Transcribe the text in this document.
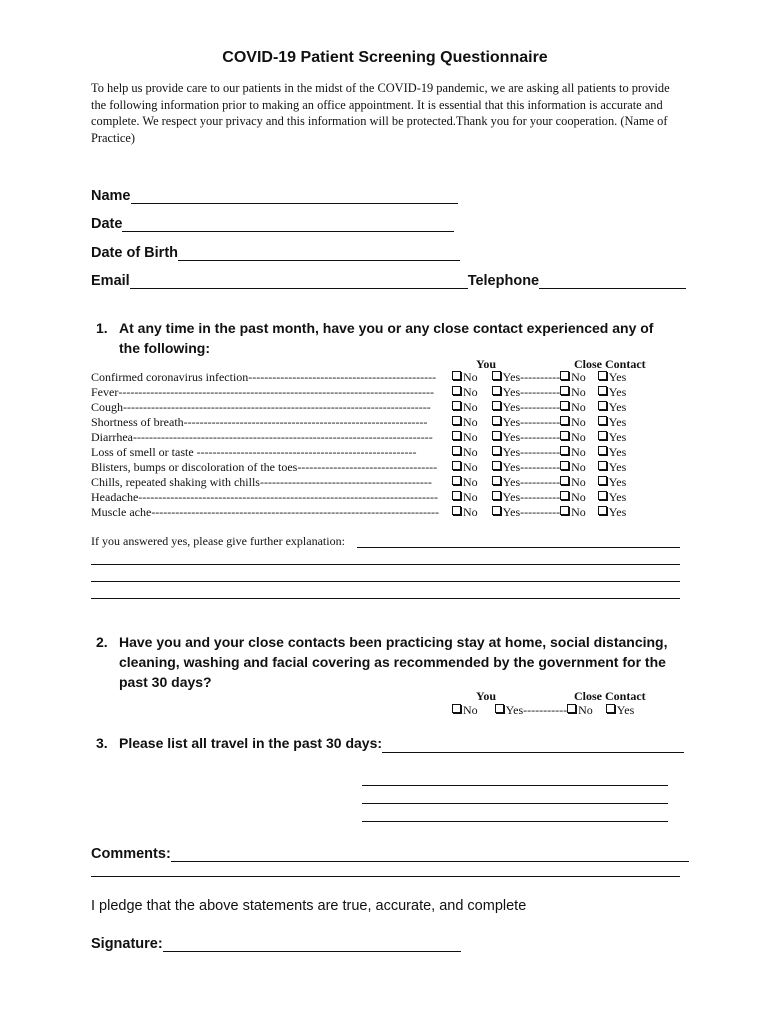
COVID-19 Patient Screening Questionnaire
To help us provide care to our patients in the midst of the COVID-19 pandemic, we are asking all patients to provide the following information prior to making an office appointment. It is essential that this information is accurate and complete. We respect your privacy and this information will be protected.Thank you for your cooperation. (Name of Practice)
Name
Date
Date of Birth
Email	Telephone
1. At any time in the past month, have you or any close contact experienced any of the following:
You	Close Contact
Confirmed coronavirus infection-----------------------------------------------	No Yes---------- No Yes
Fever-------------------------------------------------------------------------------	No Yes---------- No Yes
Cough-----------------------------------------------------------------------------	No Yes---------- No Yes
Shortness of breath-------------------------------------------------------------	No Yes---------- No Yes
Diarrhea---------------------------------------------------------------------------	No Yes---------- No Yes
Loss of smell or taste -------------------------------------------------------	No Yes---------- No Yes
Blisters, bumps or discoloration of the toes-----------------------------------	No Yes---------- No Yes
Chills, repeated shaking with chills-------------------------------------------	No Yes---------- No Yes
Headache---------------------------------------------------------------------------	No Yes---------- No Yes
Muscle ache------------------------------------------------------------------------	No Yes---------- No Yes
If you answered yes, please give further explanation:
2. Have you and your close contacts been practicing stay at home, social distancing, cleaning, washing and facial covering as recommended by the government for the past 30 days?
You	Close Contact
No Yes----------- No Yes
3. Please list all travel in the past 30 days:
Comments :
I pledge that the above statements are true, accurate, and complete
Signature:
